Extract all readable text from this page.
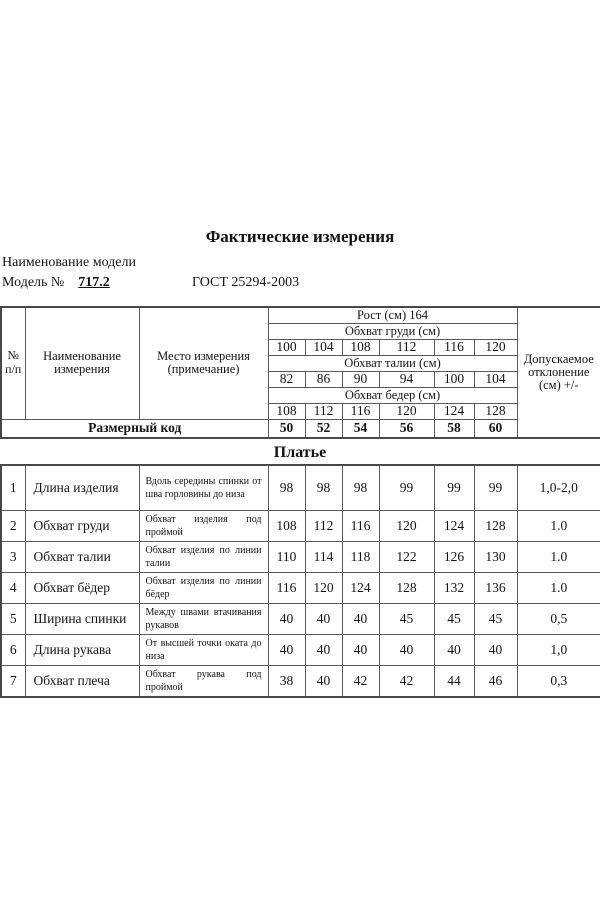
Фактические измерения
Наименование модели
Модель № 717.2	ГОСТ 25294-2003
№ п/п	Наименование измерения	Место измерения (примечание)	Рост (см) 164						Допускаемое отклонение (см) +/-
			Обхват груди (см)						
			100	104	108	112	116	120	
			Обхват талии (см)						
			82	86	90	94	100	104	
			Обхват бедер (см)						
			108	112	116	120	124	128	
Размерный код			50	52	54	56	58	60	
Платье
1	Длина изделия	Вдоль середины спинки от шва горловины до низа	98	98	98	99	99	99	1,0-2,0
2	Обхват груди	Обхват изделия под проймой	108	112	116	120	124	128	1.0
3	Обхват талии	Обхват изделия по линии талии	110	114	118	122	126	130	1.0
4	Обхват бёдер	Обхват изделия по линии бёдер	116	120	124	128	132	136	1.0
5	Ширина спинки	Между швами втачивания рукавов	40	40	40	45	45	45	0,5
6	Длина рукава	От высшей точки оката до низа	40	40	40	40	40	40	1,0
7	Обхват плеча	Обхват рукава под проймой	38	40	42	42	44	46	0,3
